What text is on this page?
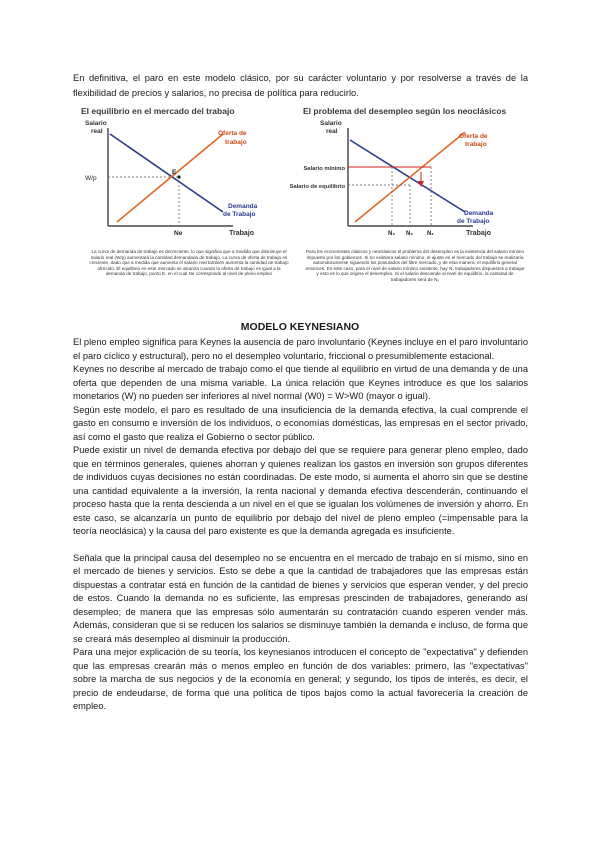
En definitiva, el paro en este modelo clásico, por su carácter voluntario y por resolverse a través de la flexibilidad de precios y salarios, no precisa de política para reducirlo.

El equilibrio en el mercado del trabajo
Salario
real
E
W/p
Ne	Trabajo
Oferta de
trabajo
Demanda
de Trabajo
El problema del desempleo según los neoclásicos
Salario
real
Salario mínimo
Salario de equilibrio
N₂ N₀ N₁	Trabajo
Oferta de
trabajo
Demanda
de Trabajo

La curva de demanda de trabajo es decreciente, lo que significa que a medida que disminuye el salario real (W/p) aumentará la cantidad demandada de trabajo. La curva de oferta de trabajo es creciente, dado que a medida que aumenta el salario real también aumenta la cantidad de trabajo ofrecido. El equilibrio en este mercado se alcanza cuando la oferta de trabajo es igual a la demanda de trabajo, punto E, en el cual Ne corresponde al nivel de pleno empleo

Para los economistas clásicos y neoclásicos el problema del desempleo es la existencia del salario mínimo impuesto por los gobiernos. Si no existiera salario mínimo, el ajuste en el mercado del trabajo se realizaría automáticamente siguiendo los postulados del libre mercado, y de esta manera: el equilibrio general entonces. En este caso, para el nivel de salario mínimo existente, hay N₁ trabajadores dispuestos a trabajar y esto es lo que origina el desempleo. Si el salario desciende al nivel de equilibrio, la cantidad de trabajadores será de N₀

MODELO KEYNESIANO

El pleno empleo significa para Keynes la ausencia de paro involuntario (Keynes incluye en el paro involuntario el paro cíclico y estructural), pero no el desempleo voluntario, friccional o presumiblemente estacional.

Keynes no describe al mercado de trabajo como el que tiende al equilibrio en virtud de una demanda y de una oferta que dependen de una misma variable. La única relación que Keynes introduce es que los salarios monetarios (W) no pueden ser inferiores al nivel normal (W0) = W>W0 (mayor o igual).

Según este modelo, el paro es resultado de una insuficiencia de la demanda efectiva, la cual comprende el gasto en consumo e inversión de los individuos, o economías domésticas, las empresas en el sector privado, así como el gasto que realiza el Gobierno o sector público.

Puede existir un nivel de demanda efectiva por debajo del que se requiere para generar pleno empleo, dado que en términos generales, quienes ahorran y quienes realizan los gastos en inversión son grupos diferentes de individuos cuyas decisiones no están coordinadas. De este modo, si aumenta el ahorro sin que se destine una cantidad equivalente a la inversión, la renta nacional y demanda efectiva descenderán, continuando el proceso hasta que la renta descienda a un nivel en el que se igualan los volúmenes de inversión y ahorro. En este caso, se alcanzaría un punto de equilibrio por debajo del nivel de pleno empleo (=impensable para la teoría neoclásica) y la causa del paro existente es que la demanda agregada es insuficiente.

Señala que la principal causa del desempleo no se encuentra en el mercado de trabajo en sí mismo, sino en el mercado de bienes y servicios. Esto se debe a que la cantidad de trabajadores que las empresas están dispuestas a contratar está en función de la cantidad de bienes y servicios que esperan vender, y del precio de estos. Cuando la demanda no es suficiente, las empresas prescinden de trabajadores, generando así desempleo; de manera que las empresas sólo aumentarán su contratación cuando esperen vender más. Además, consideran que si se reducen los salarios se disminuye también la demanda e incluso, de forma que se creará más desempleo al disminuir la producción.

Para una mejor explicación de su teoría, los keynesianos introducen el concepto de "expectativa" y defienden que las empresas crearán más o menos empleo en función de dos variables: primero, las "expectativas" sobre la marcha de sus negocios y de la economía en general; y segundo, los tipos de interés, es decir, el precio de endeudarse, de forma que una política de tipos bajos como la actual favorecería la creación de empleo.
